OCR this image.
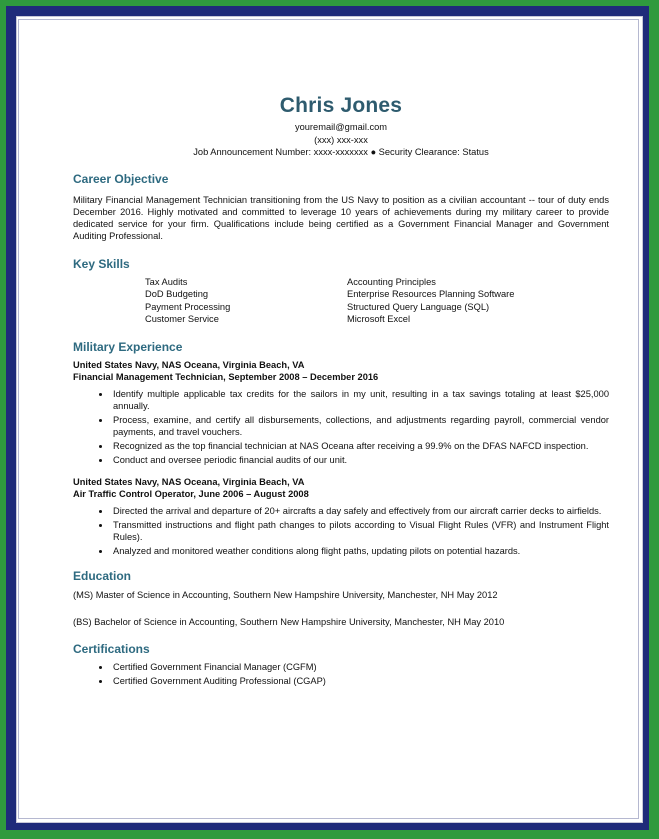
Chris Jones
youremail@gmail.com
(xxx) xxx-xxx
Job Announcement Number: xxxx-xxxxxxx ● Security Clearance: Status
Career Objective

Military Financial Management Technician transitioning from the US Navy to position as a civilian accountant -- tour of duty ends December 2016. Highly motivated and committed to leverage 10 years of achievements during my military career to provide dedicated service for your firm. Qualifications include being certified as a Government Financial Manager and Government Auditing Professional.

Key Skills
Tax Audits	Accounting Principles
DoD Budgeting	Enterprise Resources Planning Software
Payment Processing	Structured Query Language (SQL)
Customer Service	Microsoft Excel
Military Experience
United States Navy, NAS Oceana, Virginia Beach, VA
Financial Management Technician, September 2008 – December 2016
• Identify multiple applicable tax credits for the sailors in my unit, resulting in a tax savings totaling at least $25,000 annually.
• Process, examine, and certify all disbursements, collections, and adjustments regarding payroll, commercial vendor payments, and travel vouchers.
• Recognized as the top financial technician at NAS Oceana after receiving a 99.9% on the DFAS NAFCD inspection.
• Conduct and oversee periodic financial audits of our unit.
United States Navy, NAS Oceana, Virginia Beach, VA
Air Traffic Control Operator, June 2006 – August 2008
• Directed the arrival and departure of 20+ aircrafts a day safely and effectively from our aircraft carrier decks to airfields.
• Transmitted instructions and flight path changes to pilots according to Visual Flight Rules (VFR) and Instrument Flight Rules).
• Analyzed and monitored weather conditions along flight paths, updating pilots on potential hazards.
Education
(MS) Master of Science in Accounting, Southern New Hampshire University, Manchester, NH May 2012
(BS) Bachelor of Science in Accounting, Southern New Hampshire University, Manchester, NH May 2010
Certifications
• Certified Government Financial Manager (CGFM)
• Certified Government Auditing Professional (CGAP)
